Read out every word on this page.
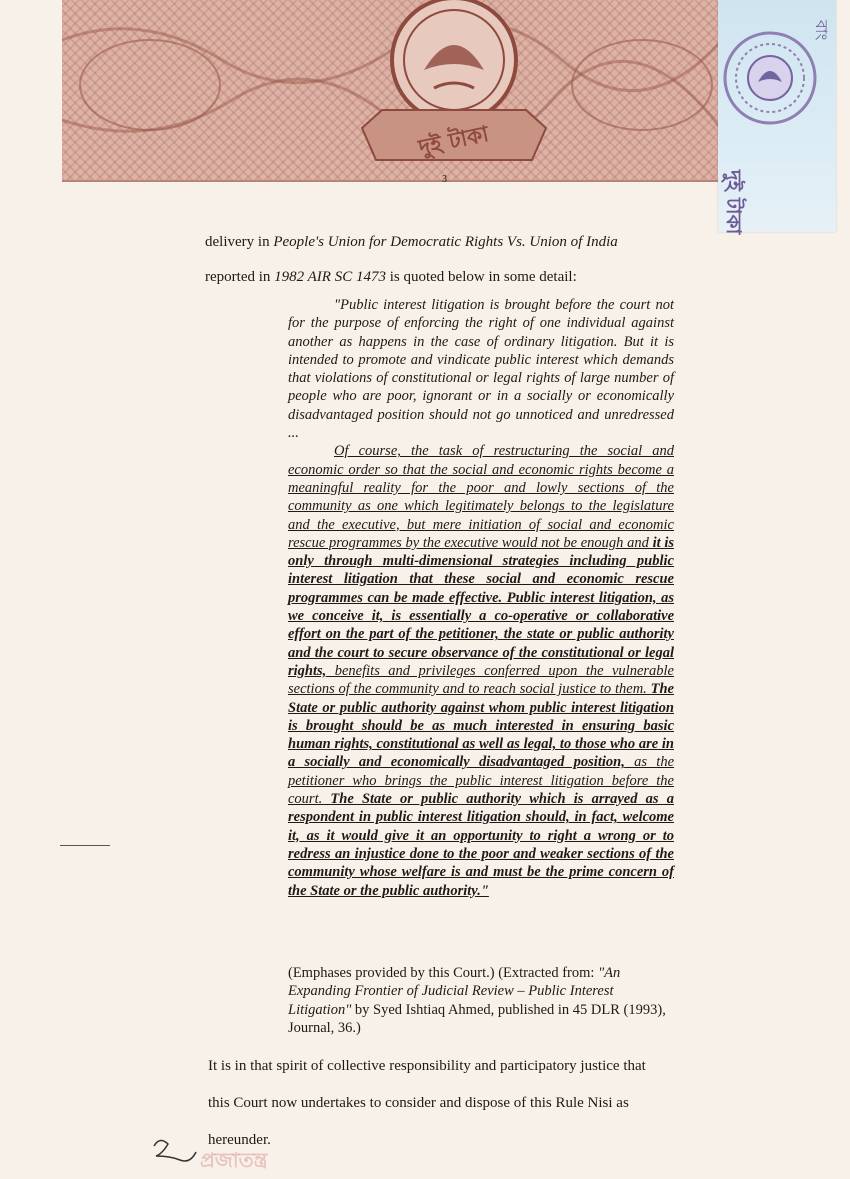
দুই টাকা
বাং
দুই টাকা
3

delivery in People's Union for Democratic Rights Vs. Union of India

reported in 1982 AIR SC 1473 is quoted below in some detail:

"Public interest litigation is brought before the court not for the purpose of enforcing the right of one individual against another as happens in the case of ordinary litigation. But it is intended to promote and vindicate public interest which demands that violations of constitutional or legal rights of large number of people who are poor, ignorant or in a socially or economically disadvantaged position should not go unnoticed and unredressed ...

Of course, the task of restructuring the social and economic order so that the social and economic rights become a meaningful reality for the poor and lowly sections of the community as one which legitimately belongs to the legislature and the executive, but mere initiation of social and economic rescue programmes by the executive would not be enough and it is only through multi-dimensional strategies including public interest litigation that these social and economic rescue programmes can be made effective. Public interest litigation, as we conceive it, is essentially a co-operative or collaborative effort on the part of the petitioner, the state or public authority and the court to secure observance of the constitutional or legal rights, benefits and privileges conferred upon the vulnerable sections of the community and to reach social justice to them. The State or public authority against whom public interest litigation is brought should be as much interested in ensuring basic human rights, constitutional as well as legal, to those who are in a socially and economically disadvantaged position, as the petitioner who brings the public interest litigation before the court. The State or public authority which is arrayed as a respondent in public interest litigation should, in fact, welcome it, as it would give it an opportunity to right a wrong or to redress an injustice done to the poor and weaker sections of the community whose welfare is and must be the prime concern of the State or the public authority."

(Emphases provided by this Court.) (Extracted from: "An Expanding Frontier of Judicial Review – Public Interest Litigation" by Syed Ishtiaq Ahmed, published in 45 DLR (1993), Journal, 36.)

It is in that spirit of collective responsibility and participatory justice that

this Court now undertakes to consider and dispose of this Rule Nisi as

hereunder.

প্রজাতন্ত্র
